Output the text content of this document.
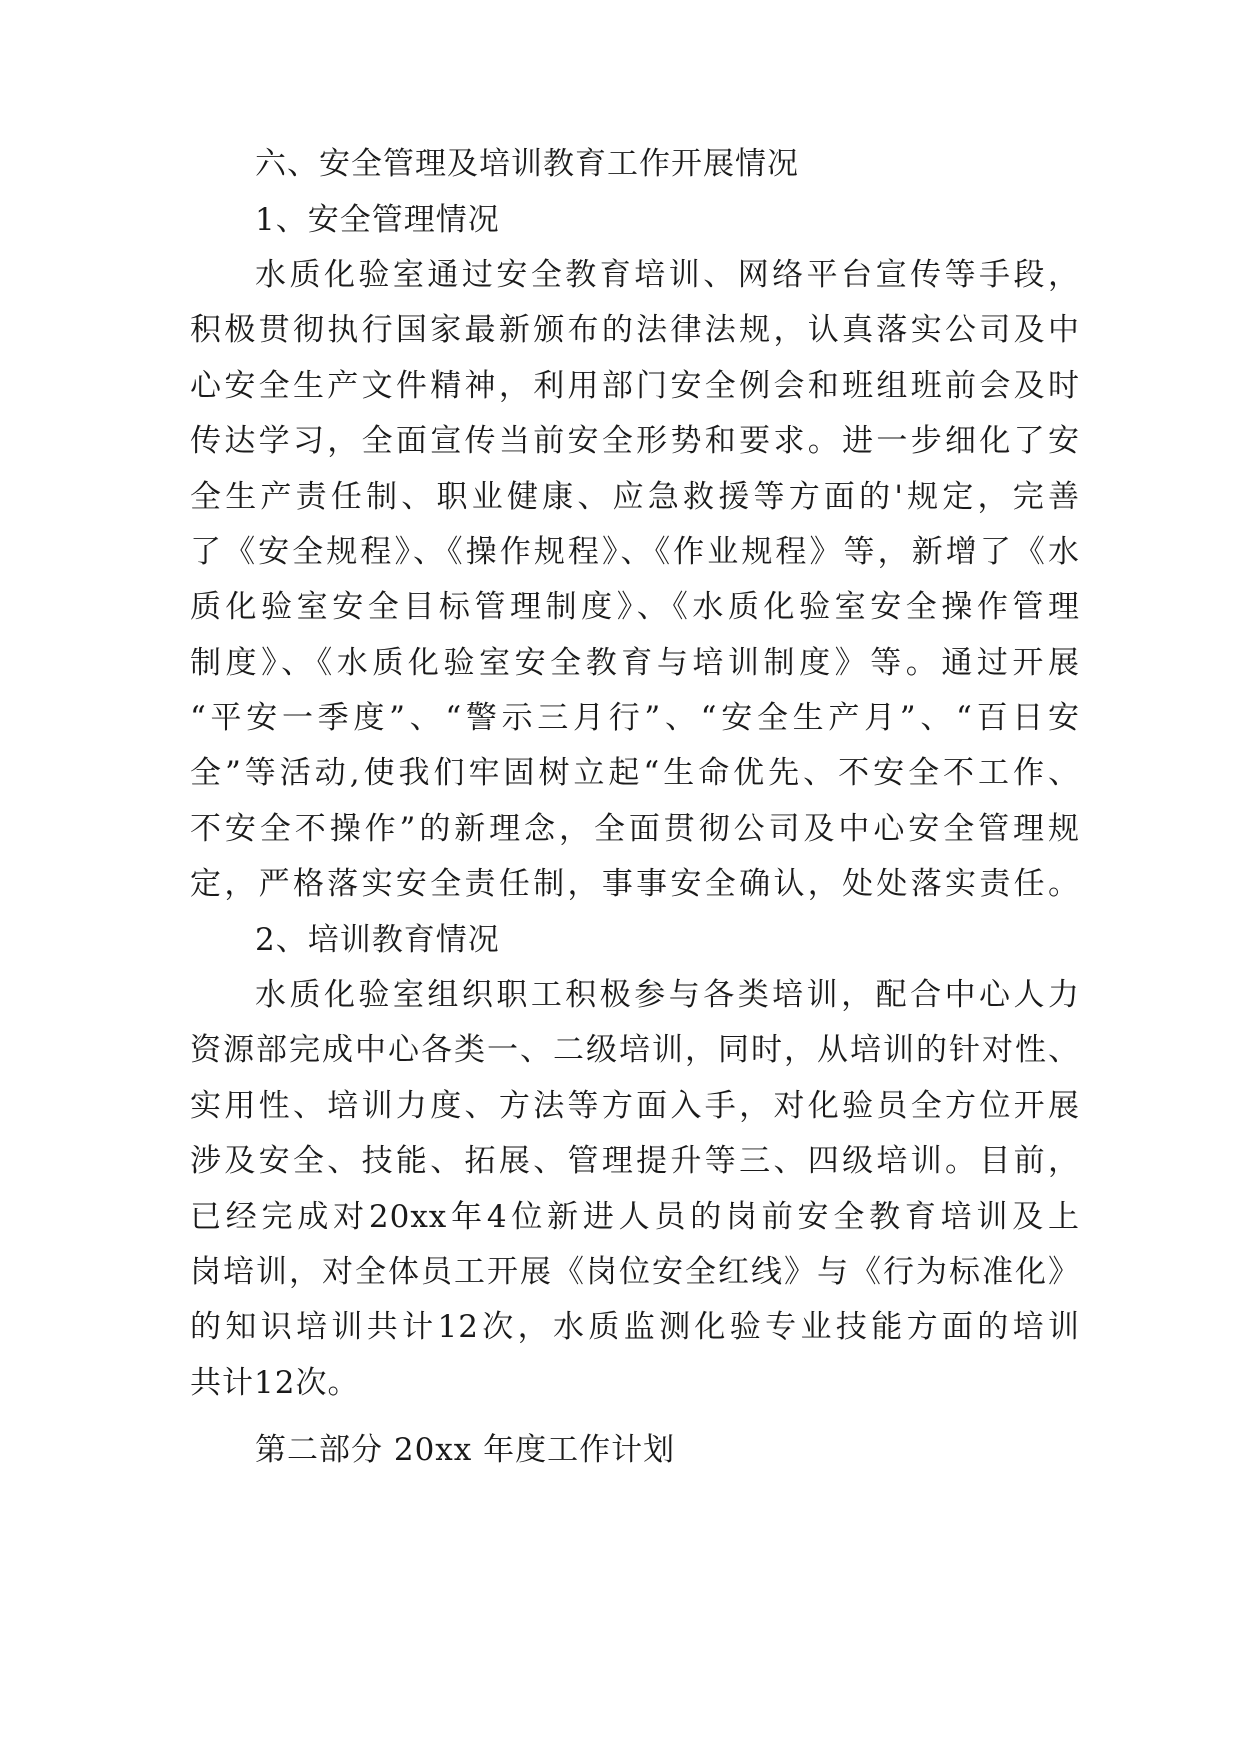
六、安全管理及培训教育工作开展情况
1、安全管理情况
水质化验室通过安全教育培训、网络平台宣传等手段，
积极贯彻执行国家最新颁布的法律法规，认真落实公司及中
心安全生产文件精神，利用部门安全例会和班组班前会及时
传达学习，全面宣传当前安全形势和要求。进一步细化了安
全生产责任制、职业健康、应急救援等方面的'规定，完善
了《安全规程》、《操作规程》、《作业规程》等，新增了《水
质化验室安全目标管理制度》、《水质化验室安全操作管理
制度》、《水质化验室安全教育与培训制度》等。通过开展
“平安一季度”、“警示三月行”、“安全生产月”、“百日安
全”等活动,使我们牢固树立起“生命优先、不安全不工作、
不安全不操作”的新理念，全面贯彻公司及中心安全管理规
定，严格落实安全责任制，事事安全确认，处处落实责任。
2、培训教育情况
水质化验室组织职工积极参与各类培训，配合中心人力
资源部完成中心各类一、二级培训，同时，从培训的针对性、
实用性、培训力度、方法等方面入手，对化验员全方位开展
涉及安全、技能、拓展、管理提升等三、四级培训。目前，
已经完成对20xx年4位新进人员的岗前安全教育培训及上
岗培训，对全体员工开展《岗位安全红线》与《行为标准化》
的知识培训共计12次，水质监测化验专业技能方面的培训
共计12次。
第二部分 20xx 年度工作计划
